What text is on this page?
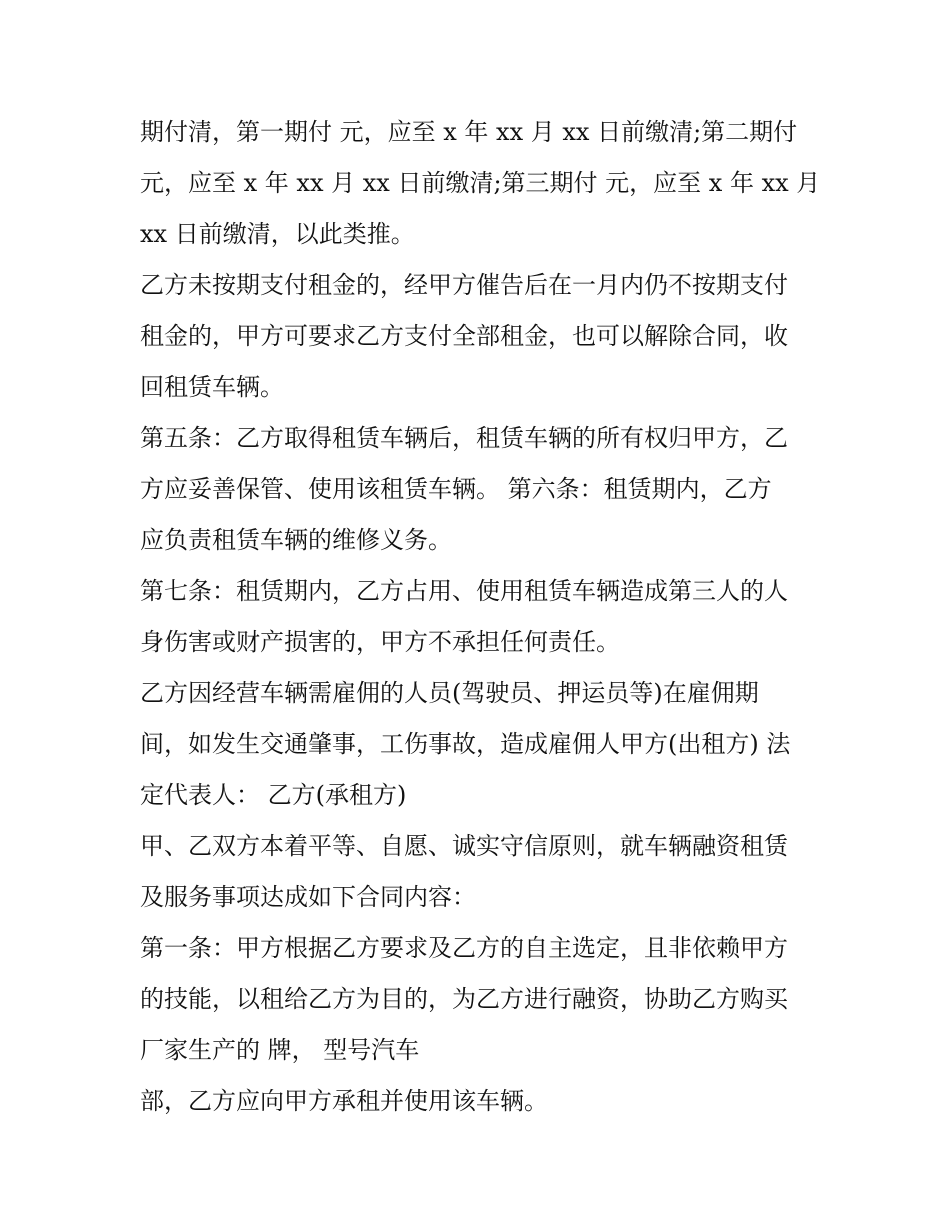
期付清，第一期付 元，应至 x 年 xx 月 xx 日前缴清;第二期付
元，应至 x 年 xx 月 xx 日前缴清;第三期付 元，应至 x 年 xx 月
xx 日前缴清，以此类推。
乙方未按期支付租金的，经甲方催告后在一月内仍不按期支付
租金的，甲方可要求乙方支付全部租金，也可以解除合同，收
回租赁车辆。
第五条：乙方取得租赁车辆后，租赁车辆的所有权归甲方，乙
方应妥善保管、使用该租赁车辆。 第六条：租赁期内，乙方
应负责租赁车辆的维修义务。
第七条：租赁期内，乙方占用、使用租赁车辆造成第三人的人
身伤害或财产损害的，甲方不承担任何责任。
乙方因经营车辆需雇佣的人员(驾驶员、押运员等)在雇佣期
间，如发生交通肇事，工伤事故，造成雇佣人甲方(出租方) 法
定代表人： 乙方(承租方)
甲、乙双方本着平等、自愿、诚实守信原则，就车辆融资租赁
及服务事项达成如下合同内容：
第一条：甲方根据乙方要求及乙方的自主选定，且非依赖甲方
的技能，以租给乙方为目的，为乙方进行融资，协助乙方购买
厂家生产的 牌， 型号汽车
部，乙方应向甲方承租并使用该车辆。
